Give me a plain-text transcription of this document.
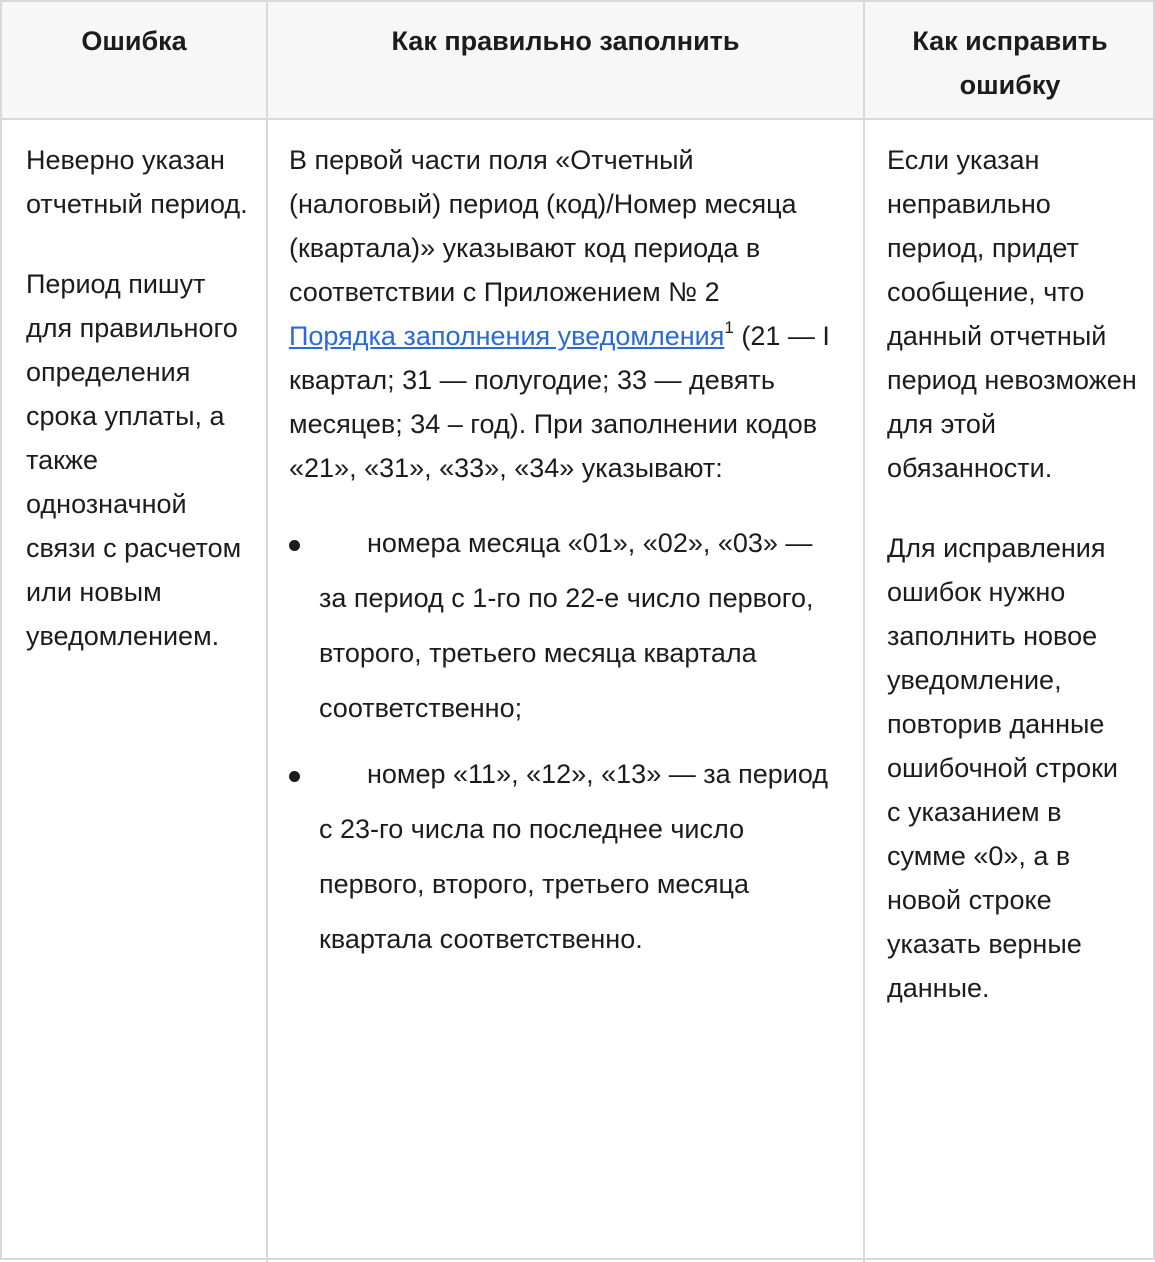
Ошибка	Как правильно заполнить	Как исправить ошибку

Неверно указан отчетный период.

Период пишут для правильного определения срока уплаты, а также однозначной связи с расчетом или новым уведомлением.

В первой части поля «Отчетный (налоговый) период (код)/Номер месяца (квартала)» указывают код периода в соответствии с Приложением № 2 Порядка заполнения уведомления$^1$ (21 — I квартал; 31 — полугодие; 33 — девять месяцев; 34 – год). При заполнении кодов «21», «31», «33», «34» указывают:

номера месяца «01», «02», «03» — за период с 1-го по 22-е число первого, второго, третьего месяца квартала соответственно;
номер «11», «12», «13» — за период с 23-го числа по последнее число первого, второго, третьего месяца квартала соответственно.

Если указан неправильно период, придет сообщение, что данный отчетный период невозможен для этой обязанности.

Для исправления ошибок нужно заполнить новое уведомление, повторив данные ошибочной строки с указанием в сумме «0», а в новой строке указать верные данные.
